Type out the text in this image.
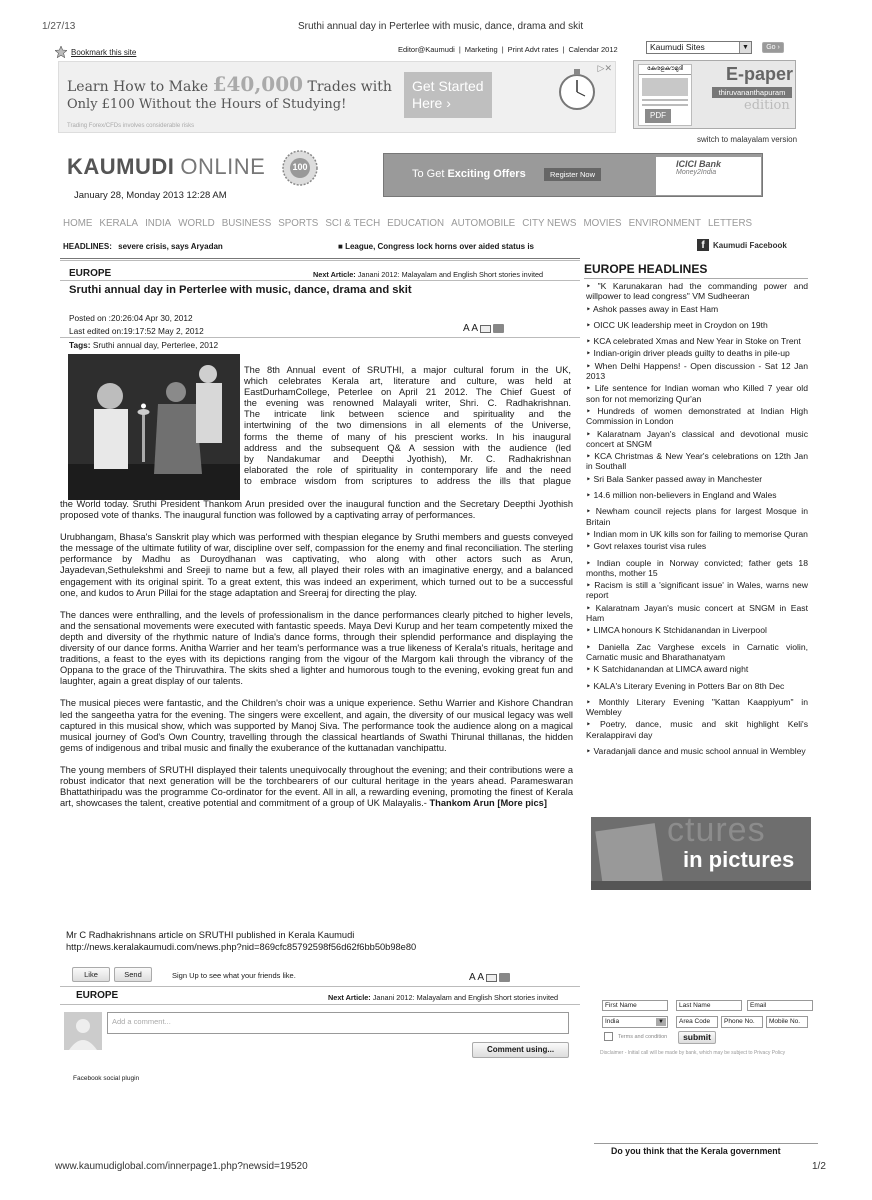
1/27/13	Sruthi annual day in Perterlee with music, dance, drama and skit
Bookmark this site	Editor@Kaumudi | Marketing | Print Advt rates | Calendar 2012	Kaumudi Sites	▼	Go ›
Learn How to Make £40,000 Trades with
Only £100 Without the Hours of Studying!
Trading Forex/CFDs involves considerable risks
Get Started
Here ›
▷✕	കേരളകൗമുദി
PDF
E-paper
thiruvananthapuram
edition
switch to malayalam version
KAUMUDI ONLINE	100
January 28, Monday 2013 12:28 AM
To Get Exciting Offers	Register Now
ICICI Bank
Money2India
HOME KERALA INDIA WORLD BUSINESS SPORTS SCI & TECH EDUCATION AUTOMOBILE CITY NEWS MOVIES ENVIRONMENT LETTERS
HEADLINES: severe crisis, says Aryadan	■ League, Congress lock horns over aided status is	f	Kaumudi Facebook
EUROPE	Next Article: Janani 2012: Malayalam and English Short stories invited
Sruthi annual day in Perterlee with music, dance, drama and skit
Posted on :20:26:04 Apr 30, 2012
Last edited on:19:17:52 May 2, 2012	A A
Tags: Sruthi annual day, Perterlee, 2012
The 8th Annual event of SRUTHI, a major cultural forum in the UK,
which celebrates Kerala art, literature and culture, was held at
EastDurhamCollege, Peterlee on April 21 2012. The Chief Guest of
the evening was renowned Malayali writer, Shri. C. Radhakrishnan.
The intricate link between science and spirituality and the
intertwining of the two dimensions in all elements of the Universe,
forms the theme of many of his prescient works. In his inaugural
address and the subsequent Q& A session with the audience (led
by Nandakumar and Deepthi Jyothish), Mr. C. Radhakrishnan
elaborated the role of spirituality in contemporary life and the need
to embrace wisdom from scriptures to address the ills that plague

the World today. Sruthi President Thankom Arun presided over the inaugural function and the Secretary Deepthi Jyothish proposed vote of thanks. The inaugural function was followed by a captivating array of performances.

Urubhangam, Bhasa's Sanskrit play which was performed with thespian elegance by Sruthi members and guests conveyed the message of the ultimate futility of war, discipline over self, compassion for the enemy and final reconciliation. The sterling performance by Madhu as Duroydhanan was captivating, who along with other actors such as Arun, Jayadevan,Sethulekshmi and Sreeji to name but a few, all played their roles with an imaginative energy, and a balanced engagement with its original spirit. To a great extent, this was indeed an experiment, which turned out to be a successful one, and kudos to Arun Pillai for the stage adaptation and Sreeraj for directing the play.

The dances were enthralling, and the levels of professionalism in the dance performances clearly pitched to higher levels, and the sensational movements were executed with fantastic speeds. Maya Devi Kurup and her team competently mixed the depth and diversity of the rhythmic nature of India's dance forms, through their splendid performance and displaying the diversity of our dance forms. Anitha Warrier and her team's performance was a true likeness of Kerala's rituals, heritage and traditions, a feast to the eyes with its depictions ranging from the vigour of the Margom kali through the vibrancy of the Oppana to the grace of the Thiruvathira. The skits shed a lighter and humorous tough to the evening, evoking great fun and laughter, again a great display of our talents.

The musical pieces were fantastic, and the Children's choir was a unique experience. Sethu Warrier and Kishore Chandran led the sangeetha yatra for the evening. The singers were excellent, and again, the diversity of our musical legacy was well captured in this musical show, which was supported by Manoj Siva. The performance took the audience along on a magical musical journey of God's Own Country, travelling through the classical heartlands of Swathi Thirunal thillanas, the hidden gems of indigenous and tribal music and finally the exuberance of the kuttanadan vanchipattu.

The young members of SRUTHI displayed their talents unequivocally throughout the evening; and their contributions were a robust indicator that next generation will be the torchbearers of our cultural heritage in the years ahead. Parameswaran Bhattathiripadu was the programme Co-ordinator for the event. All in all, a rewarding evening, promoting the finest of Kerala art, showcases the talent, creative potential and commitment of a group of UK Malayalis.- Thankom Arun [More pics]

Mr C Radhakrishnans article on SRUTHI published in Kerala Kaumudi
http://news.keralakaumudi.com/news.php?nid=869cfc85792598f56d62f6bb50b98e80
Like	Send	Sign Up to see what your friends like.	A A
EUROPE	Next Article: Janani 2012: Malayalam and English Short stories invited
Add a comment...
Comment using...
Facebook social plugin
EUROPE HEADLINES
‣ "K Karunakaran had the commanding power and willpower to lead congress" VM Sudheeran
‣ Ashok passes away in East Ham
‣ OICC UK leadership meet in Croydon on 19th
‣ KCA celebrated Xmas and New Year in Stoke on Trent
‣ Indian-origin driver pleads guilty to deaths in pile-up
‣ When Delhi Happens! - Open discussion - Sat 12 Jan 2013
‣ Life sentence for Indian woman who Killed 7 year old son for not memorizing Qur'an
‣ Hundreds of women demonstrated at Indian High Commission in London
‣ Kalaratnam Jayan's classical and devotional music concert at SNGM
‣ KCA Christmas & New Year's celebrations on 12th Jan in Southall
‣ Sri Bala Sanker passed away in Manchester
‣ 14.6 million non-believers in England and Wales
‣ Newham council rejects plans for largest Mosque in Britain
‣ Indian mom in UK kills son for failing to memorise Quran
‣ Govt relaxes tourist visa rules
‣ Indian couple in Norway convicted; father gets 18 months, mother 15
‣ Racism is still a 'significant issue' in Wales, warns new report
‣ Kalaratnam Jayan's music concert at SNGM in East Ham
‣ LIMCA honours K Stchidanandan in Liverpool
‣ Daniella Zac Varghese excels in Carnatic violin, Carnatic music and Bharathanatyam
‣ K Satchidanandan at LIMCA award night
‣ KALA's Literary Evening in Potters Bar on 8th Dec
‣ Monthly Literary Evening "Kattan Kaappiyum" in Wembley
‣ Poetry, dance, music and skit highlight Keli's Keralappiravi day
‣ Varadanjali dance and music school annual in Wembley
ctures
in pictures
First Name	Last Name	Email
India	▼	Area Code	Phone No.	Mobile No.
Terms and condition	submit
Disclaimer - Initial call will be made by bank, which may be subject to Privacy Policy
Do you think that the Kerala government
www.kaumudiglobal.com/innerpage1.php?newsid=19520	1/2
